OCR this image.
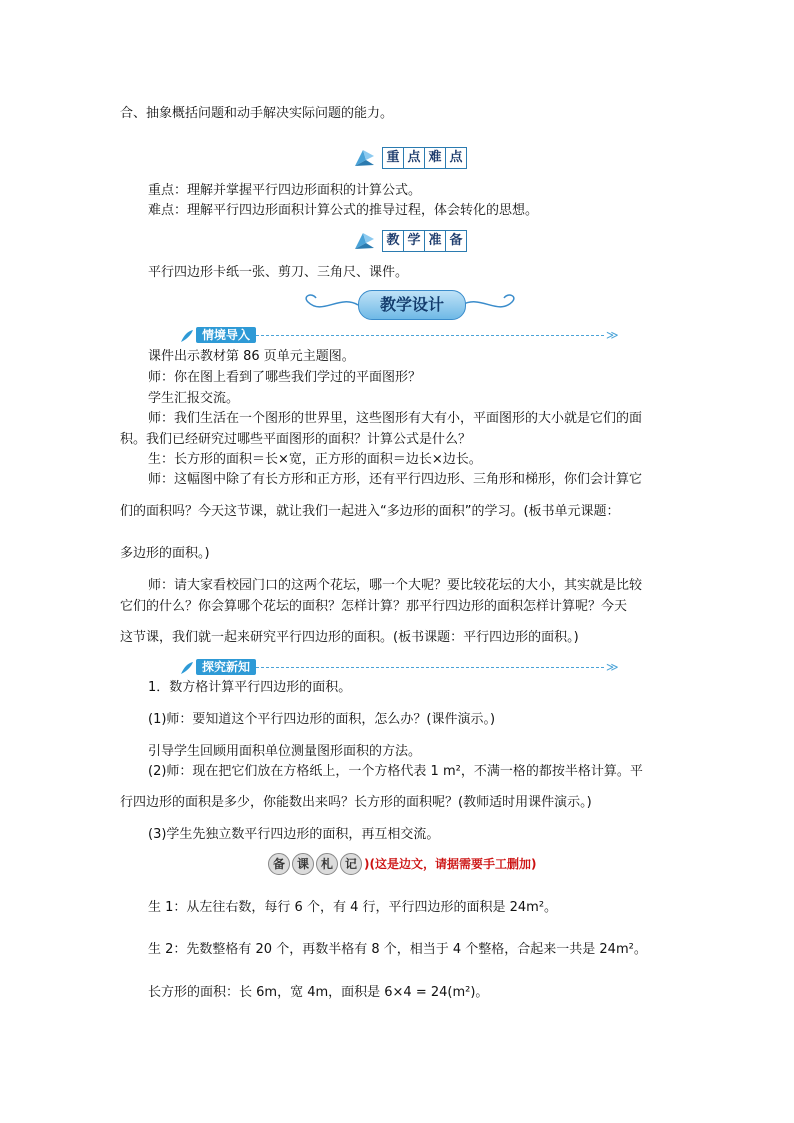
合、抽象概括问题和动手解决实际问题的能力。
重 点 难 点
重点：理解并掌握平行四边形面积的计算公式。
难点：理解平行四边形面积计算公式的推导过程，体会转化的思想。
教 学 准 备
平行四边形卡纸一张、剪刀、三角尺、课件。
教学设计
情境导入	≫
课件出示教材第 86 页单元主题图。
师：你在图上看到了哪些我们学过的平面图形？
学生汇报交流。
师：我们生活在一个图形的世界里，这些图形有大有小，平面图形的大小就是它们的面
积。我们已经研究过哪些平面图形的面积？计算公式是什么？
生：长方形的面积＝长×宽，正方形的面积＝边长×边长。
师：这幅图中除了有长方形和正方形，还有平行四边形、三角形和梯形，你们会计算它
们的面积吗？今天这节课，就让我们一起进入“多边形的面积”的学习。(板书单元课题：
多边形的面积。)
师：请大家看校园门口的这两个花坛，哪一个大呢？要比较花坛的大小，其实就是比较
它们的什么？你会算哪个花坛的面积？怎样计算？那平行四边形的面积怎样计算呢？今天
这节课，我们就一起来研究平行四边形的面积。(板书课题：平行四边形的面积。)
探究新知	≫
1．数方格计算平行四边形的面积。
(1)师：要知道这个平行四边形的面积，怎么办？(课件演示。)
引导学生回顾用面积单位测量图形面积的方法。
(2)师：现在把它们放在方格纸上，一个方格代表 1 m²，不满一格的都按半格计算。平
行四边形的面积是多少，你能数出来吗？长方形的面积呢？(教师适时用课件演示。)
(3)学生先独立数平行四边形的面积，再互相交流。
备 课 札 记 )(这是边文，请据需要手工删加)
生 1：从左往右数，每行 6 个，有 4 行，平行四边形的面积是 24m²。
生 2：先数整格有 20 个，再数半格有 8 个，相当于 4 个整格，合起来一共是 24m²。
长方形的面积：长 6m，宽 4m，面积是 6×4 = 24(m²)。
